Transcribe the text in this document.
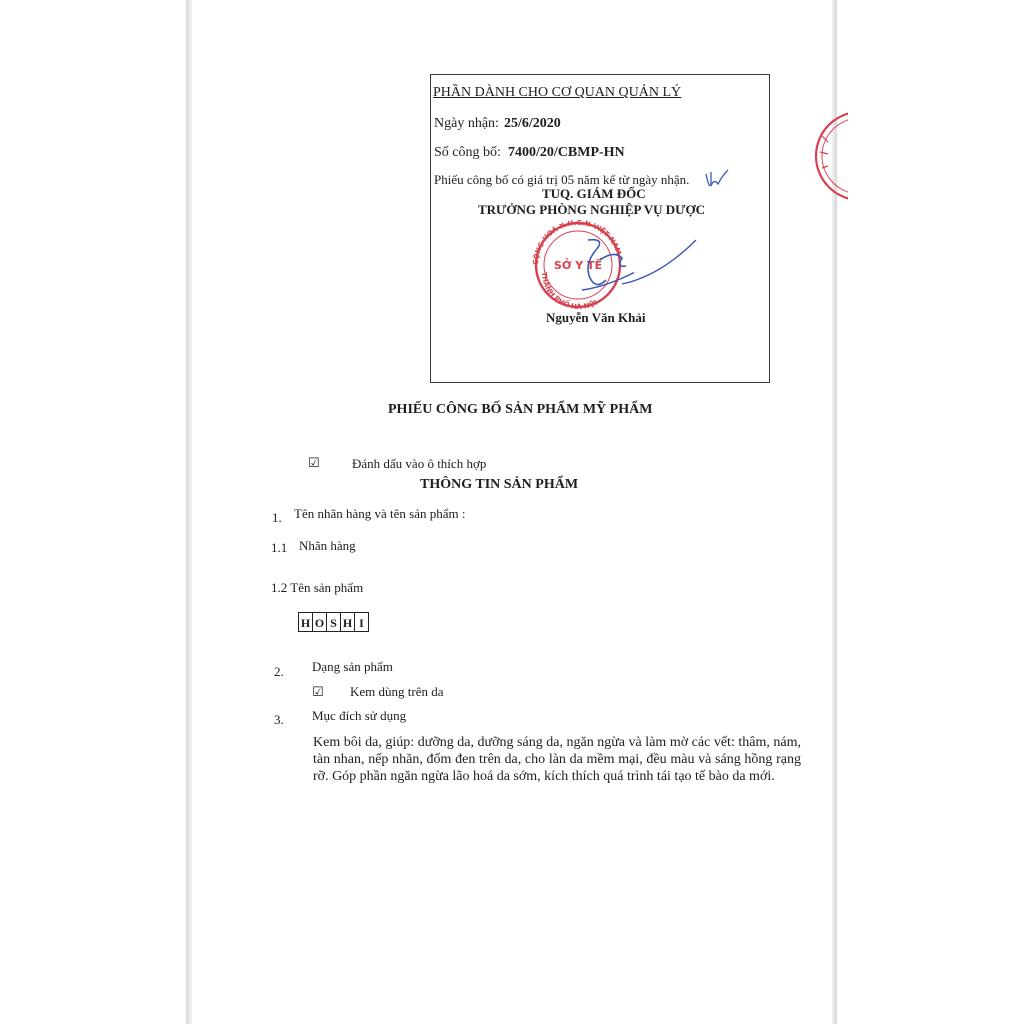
PHẦN DÀNH CHO CƠ QUAN QUẢN LÝ
Ngày nhận: 25/6/2020
Số công bố: 7400/20/CBMP-HN
Phiếu công bố có giá trị 05 năm kể từ ngày nhận.
TUQ. GIÁM ĐỐC
TRƯỞNG PHÒNG NGHIỆP VỤ DƯỢC
CỘNG HOÀ X.H.C.N VIỆT NAM
THÀNH PHỐ HÀ NỘI
SỞ Y TẾ
Nguyễn Văn Khải
PHIẾU CÔNG BỐ SẢN PHẨM MỸ PHẨM
☑ Đánh dấu vào ô thích hợp
THÔNG TIN SẢN PHẨM
1. Tên nhãn hàng và tên sản phẩm :
1.1 Nhãn hàng
1.2 Tên sản phẩm
H O S H I
2. Dạng sản phẩm
☑ Kem dùng trên da
3. Mục đích sử dụng
Kem bôi da, giúp: dưỡng da, dưỡng sáng da, ngăn ngừa và làm mờ các vết: thâm, nám, tàn nhan, nếp nhăn, đốm đen trên da, cho làn da mềm mại, đều màu và sáng hồng rạng rỡ. Góp phần ngăn ngừa lão hoá da sớm, kích thích quá trình tái tạo tế bào da mới.
